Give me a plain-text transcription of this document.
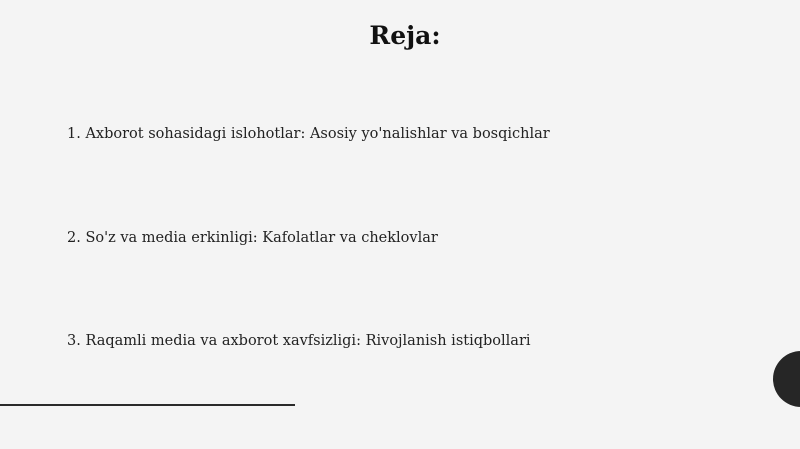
Reja:
1. Axborot sohasidagi islohotlar: Asosiy yo'nalishlar va bosqichlar
2. So'z va media erkinligi: Kafolatlar va cheklovlar
3. Raqamli media va axborot xavfsizligi: Rivojlanish istiqbollari
